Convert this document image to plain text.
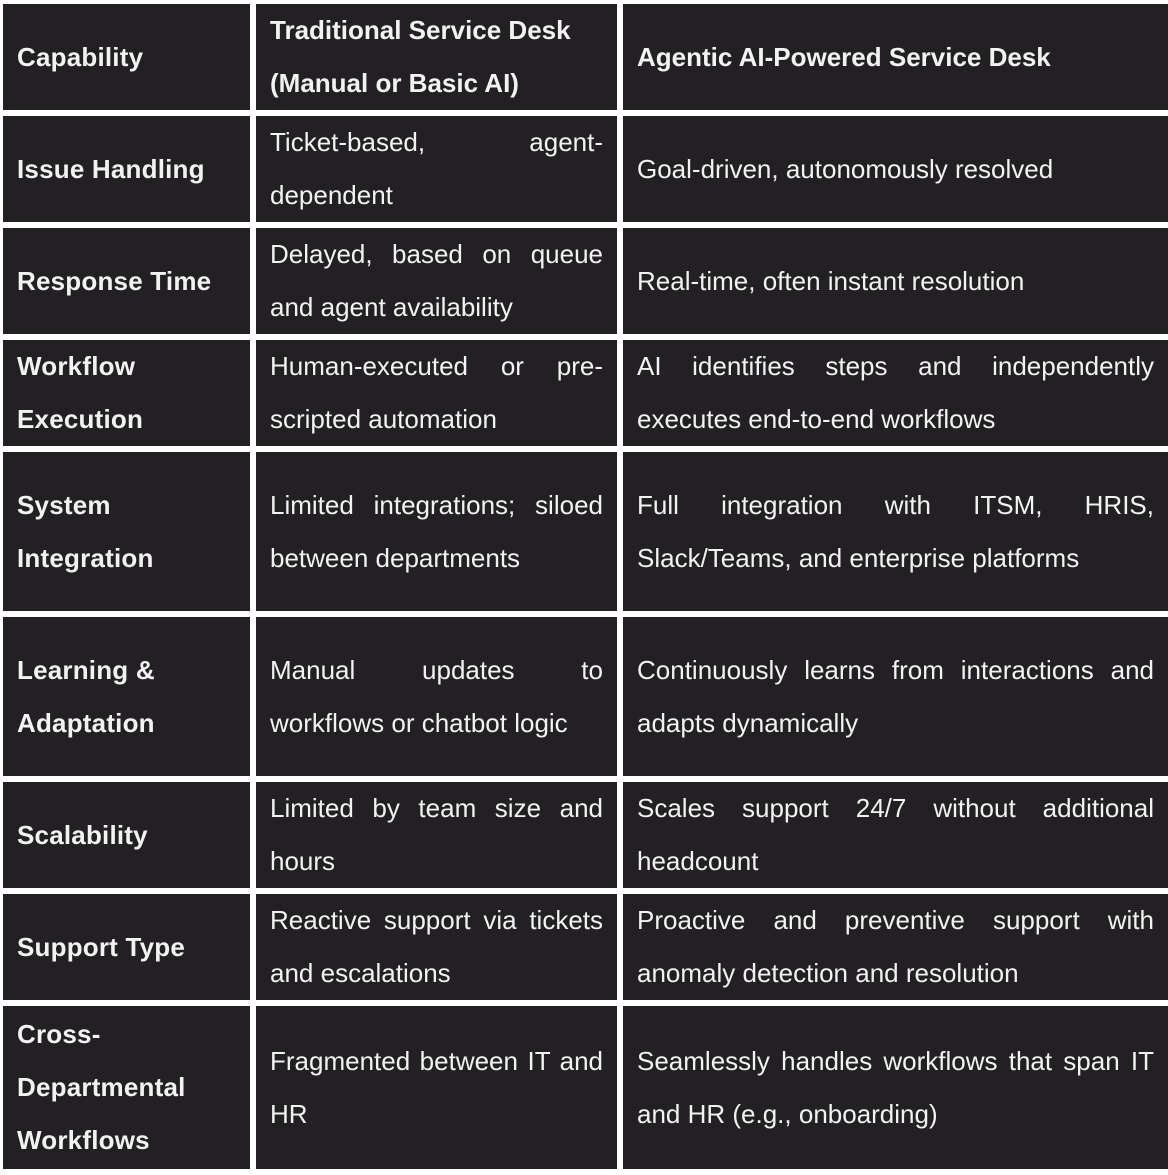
Capability	Traditional Service Desk (Manual or Basic AI)	Agentic AI-Powered Service Desk
Issue Handling	Ticket-based, agent-dependent	Goal-driven, autonomously resolved
Response Time	Delayed, based on queue and agent availability	Real-time, often instant resolution
Workflow Execution	Human-executed or pre-scripted automation	AI identifies steps and independently executes end-to-end workflows
System Integration	Limited integrations; siloed between departments	Full integration with ITSM, HRIS, Slack/Teams, and enterprise platforms
Learning & Adaptation	Manual updates to workflows or chatbot logic	Continuously learns from interactions and adapts dynamically
Scalability	Limited by team size and hours	Scales support 24/7 without additional headcount
Support Type	Reactive support via tickets and escalations	Proactive and preventive support with anomaly detection and resolution
Cross-Departmental Workflows	Fragmented between IT and HR	Seamlessly handles workflows that span IT and HR (e.g., onboarding)
